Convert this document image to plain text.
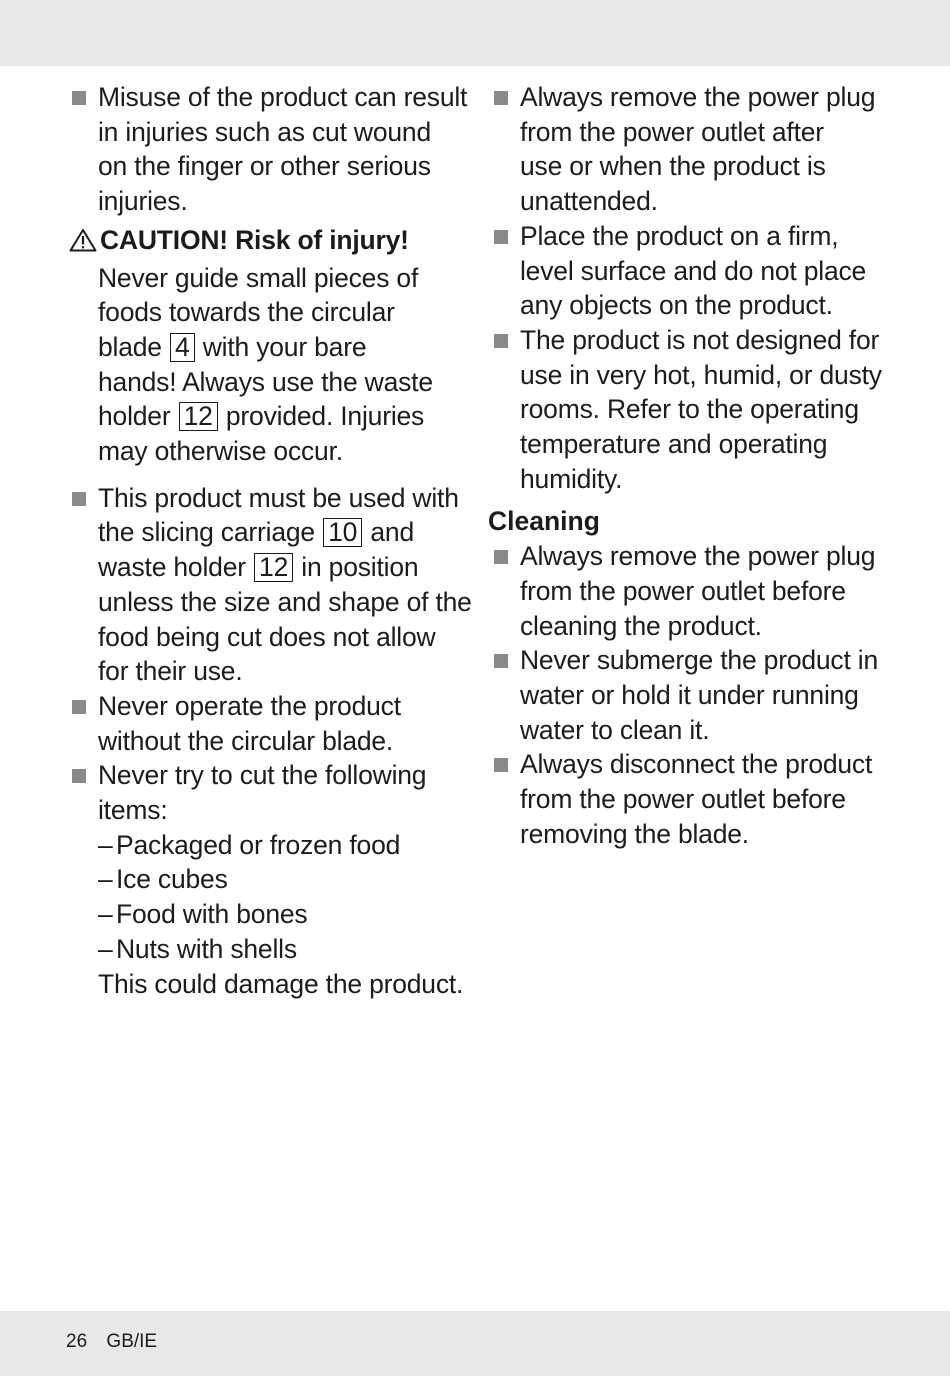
Misuse of the product can result
in injuries such as cut wound
on the finger or other serious
injuries.
CAUTION! Risk of injury!
Never guide small pieces of
foods towards the circular
blade 4 with your bare
hands! Always use the waste
holder 12 provided. Injuries
may otherwise occur.
This product must be used with
the slicing carriage 10 and
waste holder 12 in position
unless the size and shape of the
food being cut does not allow
for their use.
Never operate the product
without the circular blade.
Never try to cut the following
items:
– Packaged or frozen food
– Ice cubes
– Food with bones
– Nuts with shells
This could damage the product.
Always remove the power plug
from the power outlet after
use or when the product is
unattended.
Place the product on a firm,
level surface and do not place
any objects on the product.
The product is not designed for
use in very hot, humid, or dusty
rooms. Refer to the operating
temperature and operating
humidity.
Cleaning
Always remove the power plug
from the power outlet before
cleaning the product.
Never submerge the product in
water or hold it under running
water to clean it.
Always disconnect the product
from the power outlet before
removing the blade.
26 GB/IE
